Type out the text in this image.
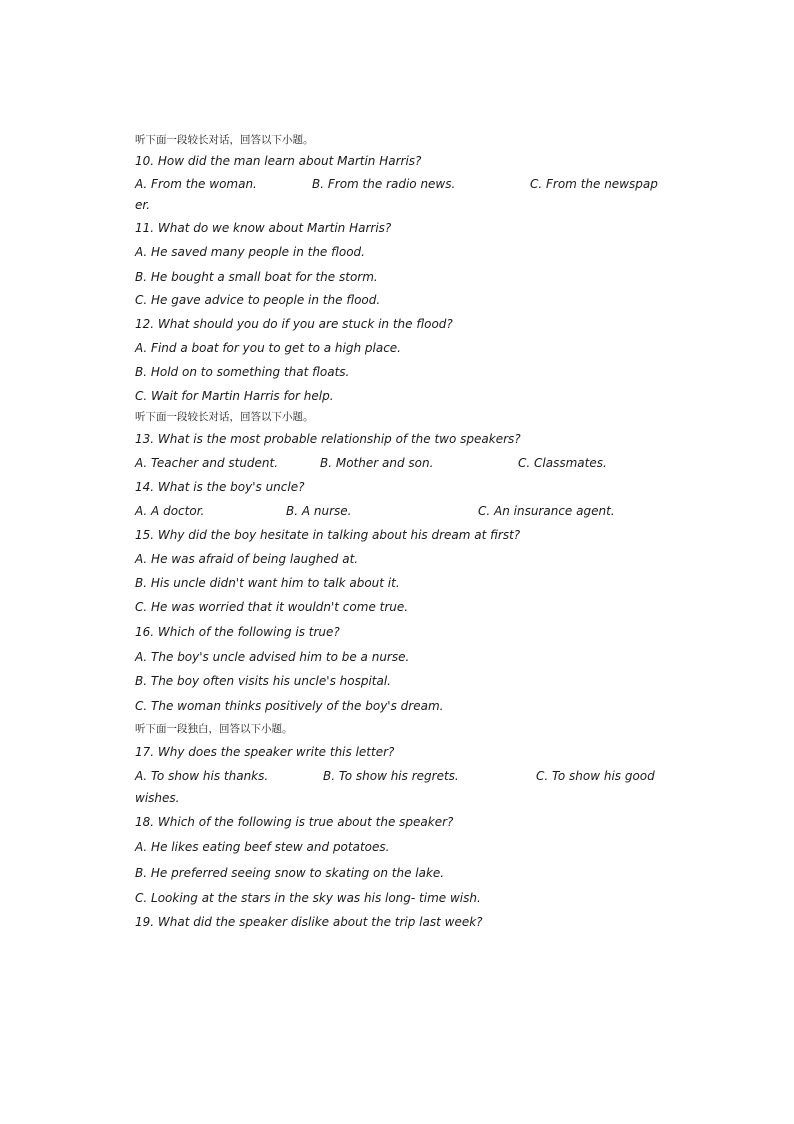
听下面一段较长对话，回答以下小题。
10. How did the man learn about Martin Harris?
A. From the woman.	B. From the radio news.	C. From the newspap
er.
11. What do we know about Martin Harris?
A. He saved many people in the flood.
B. He bought a small boat for the storm.
C. He gave advice to people in the flood.
12. What should you do if you are stuck in the flood?
A. Find a boat for you to get to a high place.
B. Hold on to something that floats.
C. Wait for Martin Harris for help.
听下面一段较长对话，回答以下小题。
13. What is the most probable relationship of the two speakers?
A. Teacher and student.	B. Mother and son.	C. Classmates.
14. What is the boy's uncle?
A. A doctor.	B. A nurse.	C. An insurance agent.
15. Why did the boy hesitate in talking about his dream at first?
A. He was afraid of being laughed at.
B. His uncle didn't want him to talk about it.
C. He was worried that it wouldn't come true.
16. Which of the following is true?
A. The boy's uncle advised him to be a nurse.
B. The boy often visits his uncle's hospital.
C. The woman thinks positively of the boy's dream.
听下面一段独白，回答以下小题。
17. Why does the speaker write this letter?
A. To show his thanks.	B. To show his regrets.	C. To show his good
wishes.
18. Which of the following is true about the speaker?
A. He likes eating beef stew and potatoes.
B. He preferred seeing snow to skating on the lake.
C. Looking at the stars in the sky was his long- time wish.
19. What did the speaker dislike about the trip last week?
